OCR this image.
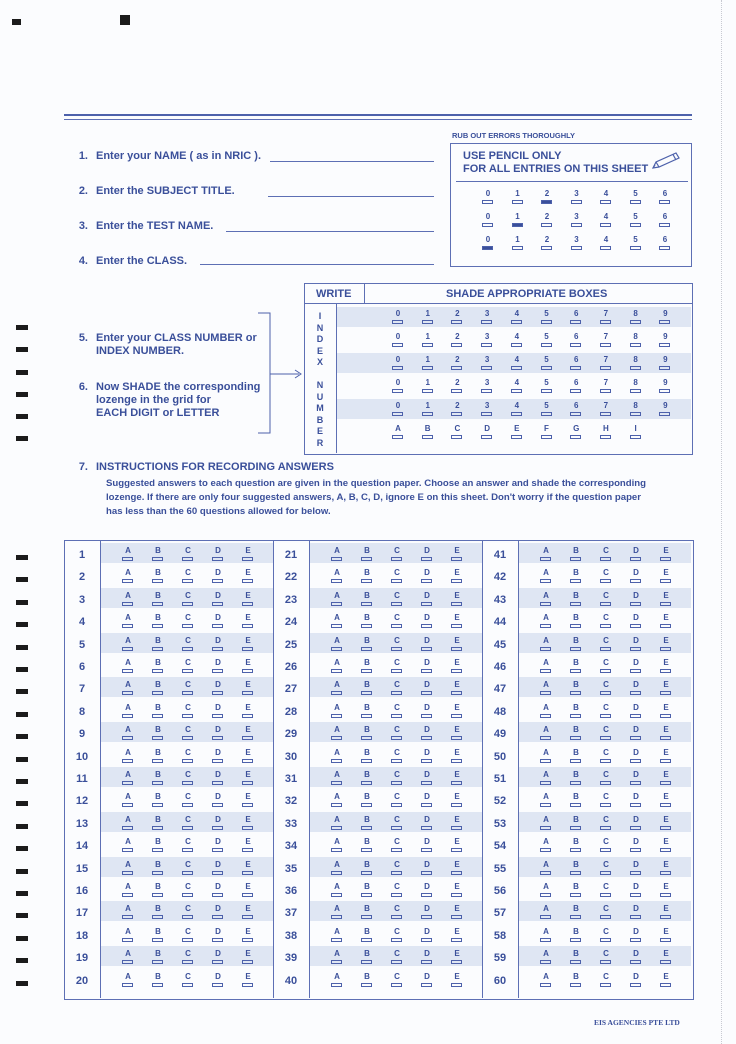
1. Enter your NAME ( as in NRIC ).
2. Enter the SUBJECT TITLE.
3. Enter the TEST NAME.
4. Enter the CLASS.
RUB OUT ERRORS THOROUGHLY
USE PENCIL ONLY
FOR ALL ENTRIES ON THIS SHEET
0	1	2	3	4	5	6
0	1	2	3	4	5	6
0	1	2	3	4	5	6
WRITE	SHADE APPROPRIATE BOXES
I
N
D
E
X
N
U
M
B
E
R
0	1	2	3	4	5	6	7	8	9
0	1	2	3	4	5	6	7	8	9
0	1	2	3	4	5	6	7	8	9
0	1	2	3	4	5	6	7	8	9
0	1	2	3	4	5	6	7	8	9
A	B	C	D	E	F	G	H	I
5. Enter your CLASS NUMBER or
INDEX NUMBER.
6. Now SHADE the corresponding
lozenge in the grid for
EACH DIGIT or LETTER
7. INSTRUCTIONS FOR RECORDING ANSWERS
Suggested answers to each question are given in the question paper. Choose an answer and shade the corresponding
lozenge. If there are only four suggested answers, A, B, C, D, ignore E on this sheet. Don't worry if the question paper
has less than the 60 questions allowed for below.
1	A	B	C	D	E
2	A	B	C	D	E
3	A	B	C	D	E
4	A	B	C	D	E
5	A	B	C	D	E
6	A	B	C	D	E
7	A	B	C	D	E
8	A	B	C	D	E
9	A	B	C	D	E
10	A	B	C	D	E
11	A	B	C	D	E
12	A	B	C	D	E
13	A	B	C	D	E
14	A	B	C	D	E
15	A	B	C	D	E
16	A	B	C	D	E
17	A	B	C	D	E
18	A	B	C	D	E
19	A	B	C	D	E
20	A	B	C	D	E
21	A	B	C	D	E
22	A	B	C	D	E
23	A	B	C	D	E
24	A	B	C	D	E
25	A	B	C	D	E
26	A	B	C	D	E
27	A	B	C	D	E
28	A	B	C	D	E
29	A	B	C	D	E
30	A	B	C	D	E
31	A	B	C	D	E
32	A	B	C	D	E
33	A	B	C	D	E
34	A	B	C	D	E
35	A	B	C	D	E
36	A	B	C	D	E
37	A	B	C	D	E
38	A	B	C	D	E
39	A	B	C	D	E
40	A	B	C	D	E
41	A	B	C	D	E
42	A	B	C	D	E
43	A	B	C	D	E
44	A	B	C	D	E
45	A	B	C	D	E
46	A	B	C	D	E
47	A	B	C	D	E
48	A	B	C	D	E
49	A	B	C	D	E
50	A	B	C	D	E
51	A	B	C	D	E
52	A	B	C	D	E
53	A	B	C	D	E
54	A	B	C	D	E
55	A	B	C	D	E
56	A	B	C	D	E
57	A	B	C	D	E
58	A	B	C	D	E
59	A	B	C	D	E
60	A	B	C	D	E
EIS AGENCIES PTE LTD
